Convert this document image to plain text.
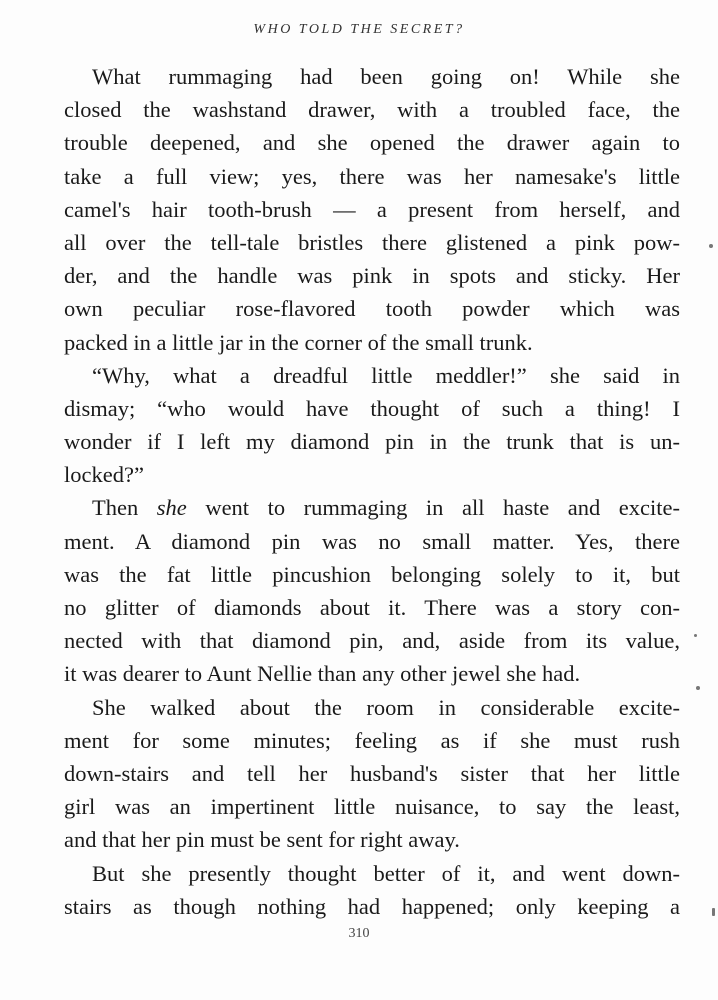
WHO TOLD THE SECRET?
What rummaging had been going on! While she
closed the washstand drawer, with a troubled face, the
trouble deepened, and she opened the drawer again to
take a full view; yes, there was her namesake's little
camel's hair tooth-brush — a present from herself, and
all over the tell-tale bristles there glistened a pink pow-
der, and the handle was pink in spots and sticky. Her
own peculiar rose-flavored tooth powder which was
packed in a little jar in the corner of the small trunk.
“Why, what a dreadful little meddler!” she said in
dismay; “who would have thought of such a thing! I
wonder if I left my diamond pin in the trunk that is un-
locked?”
Then she went to rummaging in all haste and excite-
ment. A diamond pin was no small matter. Yes, there
was the fat little pincushion belonging solely to it, but
no glitter of diamonds about it. There was a story con-
nected with that diamond pin, and, aside from its value,
it was dearer to Aunt Nellie than any other jewel she had.
She walked about the room in considerable excite-
ment for some minutes; feeling as if she must rush
down-stairs and tell her husband's sister that her little
girl was an impertinent little nuisance, to say the least,
and that her pin must be sent for right away.
But she presently thought better of it, and went down-
stairs as though nothing had happened; only keeping a
310
